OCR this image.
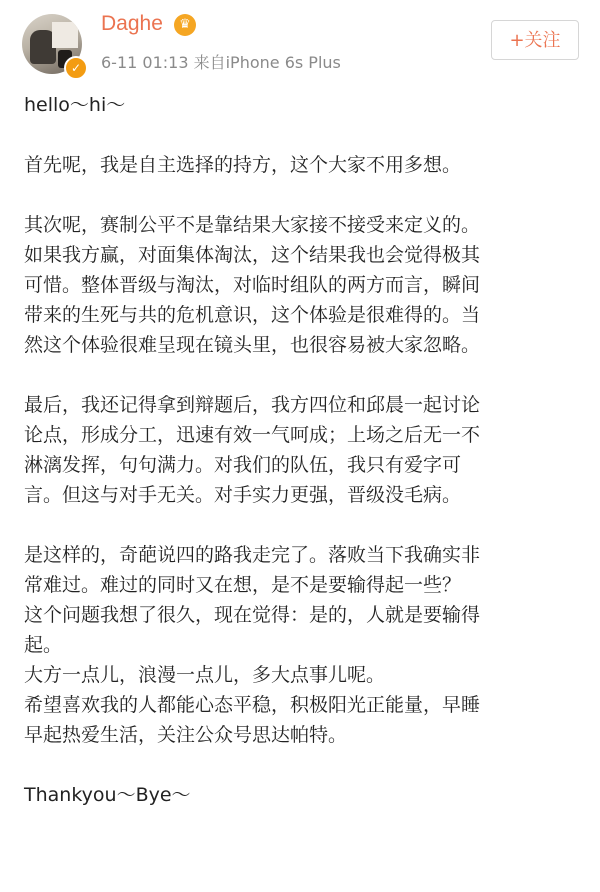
✓
Daghe	♛
6-11 01:13 来自iPhone 6s Plus
+关注
hello～hi～
首先呢，我是自主选择的持方，这个大家不用多想。
其次呢，赛制公平不是靠结果大家接不接受来定义的。
如果我方赢，对面集体淘汰，这个结果我也会觉得极其
可惜。整体晋级与淘汰，对临时组队的两方而言，瞬间
带来的生死与共的危机意识，这个体验是很难得的。当
然这个体验很难呈现在镜头里，也很容易被大家忽略。
最后，我还记得拿到辩题后，我方四位和邱晨一起讨论
论点，形成分工，迅速有效一气呵成；上场之后无一不
淋漓发挥，句句满力。对我们的队伍，我只有爱字可
言。但这与对手无关。对手实力更强，晋级没毛病。
是这样的，奇葩说四的路我走完了。落败当下我确实非
常难过。难过的同时又在想，是不是要输得起一些？
这个问题我想了很久，现在觉得：是的，人就是要输得
起。
大方一点儿，浪漫一点儿，多大点事儿呢。
希望喜欢我的人都能心态平稳，积极阳光正能量，早睡
早起热爱生活，关注公众号思达帕特。
Thankyou～Bye～
